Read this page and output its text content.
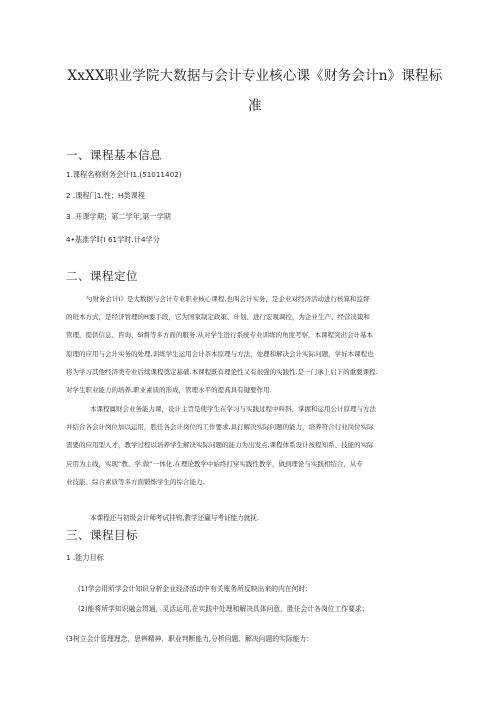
XxXX职业学院大数据与会计专业核心课《财务会计n》课程标
准
一、课程基本信息
1.课程名称财务会计I1.(51011402)
2 .课程门1.性；H类课程
3 .开课学期；第二学年,第一学期
4•基准学时I 61学时.计4学分
二、课程定位
勺财务会计I》是大数据与会计专业职业核心课程,也叫会计实务，是企业对经济活动进行核算和监督
的班本方式，是经济管理的H要手段，它为国家制定政策、计划、进行宏观调控，为企业生产、经营决策和
管理，提供信息、咨询、Si督等多方面的服务.从对学生进行系统专业训练的角度考察，本课程突出会计基本
原理的应用与会计实务的处理,训练学生运用会计茶本原理与方法，处理和解决会计实际问题，学好本课程也
将为学习其他经济类专业后续课程奠定基础.本课程既有理论性又有很强的实践性.是一门承上启下的重要课程.
对学生职业能力的培养,职业素质的形成，管理水平的提髙具有键要作用.
本课程属财会业务能力课，设计主旨是使学生在学习与实践过程中叫斜，掌握和运用公计原理与方法
并结合各会计岗位加以运用，胜任各会计岗位的工作要求,具行解决实际问题的能力，培养符合行业岗位实际
需要的应用型人才，教学过程以培养学生解决实际问题的能力为出发点,课程体系设计按程知系、技能的实际
应用为主线，实现“教、学.做”一体化,在理论教学中始终打穿实践性教学，做到理论与实践相结合，从专
业技能、综合素质等多方面锻炼学生的综合能力。
本课程还与初级会计师考试挂钩,教学还赢与考证能力就抚.
三、课程目标
1 .能力目标
(1)学会用所学会计知识分析企业经济活动中有关账务所反映出来的内在何时：
(2)能将所学知识融会贯通，灵活运用,在实践中处理和解决具体问意，胜任会计各岗位工作要求；
(3树立会计管理理念，思辨精神、职业判断能力,分析问题、解决问题的实际能力：
